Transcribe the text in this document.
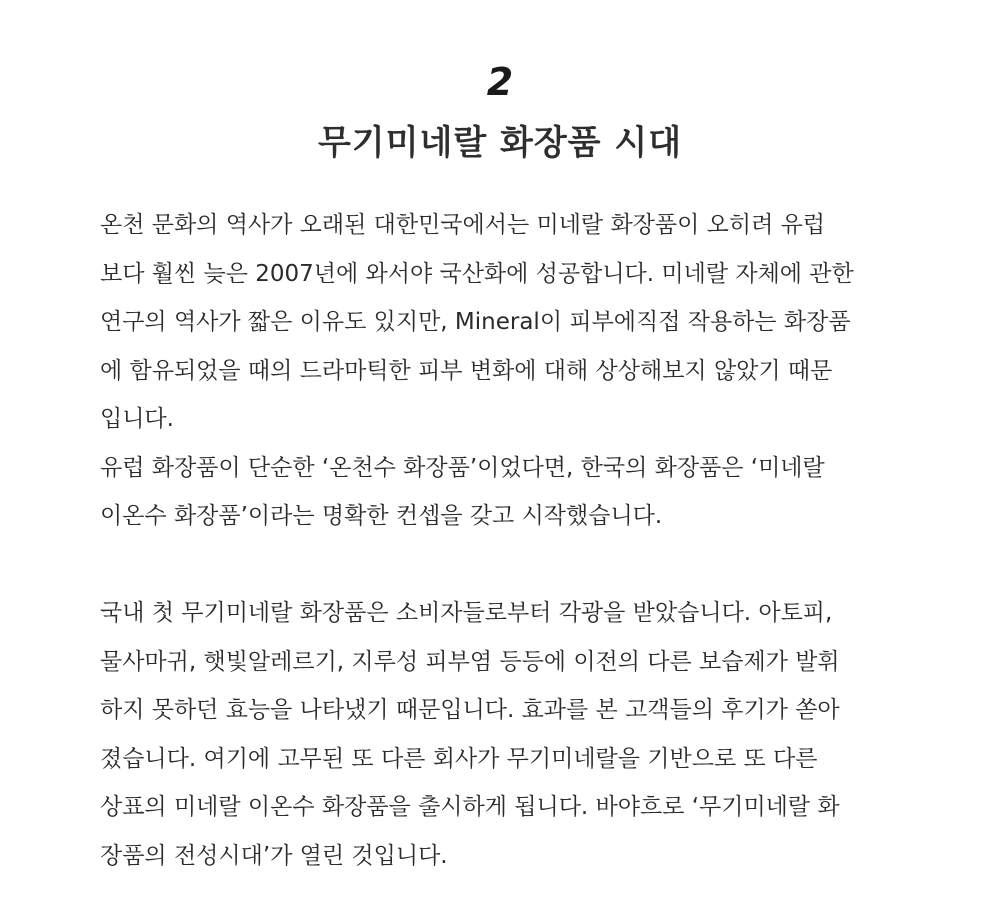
2
무기미네랄 화장품 시대
온천 문화의 역사가 오래된 대한민국에서는 미네랄 화장품이 오히려 유럽
보다 훨씬 늦은 2007년에 와서야 국산화에 성공합니다. 미네랄 자체에 관한
연구의 역사가 짧은 이유도 있지만, Mineral이 피부에직접 작용하는 화장품
에 함유되었을 때의 드라마틱한 피부 변화에 대해 상상해보지 않았기 때문
입니다.
유럽 화장품이 단순한 ‘온천수 화장품’이었다면, 한국의 화장품은 ‘미네랄
이온수 화장품’이라는 명확한 컨셉을 갖고 시작했습니다.
국내 첫 무기미네랄 화장품은 소비자들로부터 각광을 받았습니다. 아토피,
물사마귀, 햇빛알레르기, 지루성 피부염 등등에 이전의 다른 보습제가 발휘
하지 못하던 효능을 나타냈기 때문입니다. 효과를 본 고객들의 후기가 쏟아
졌습니다. 여기에 고무된 또 다른 회사가 무기미네랄을 기반으로 또 다른
상표의 미네랄 이온수 화장품을 출시하게 됩니다. 바야흐로 ‘무기미네랄 화
장품의 전성시대’가 열린 것입니다.
